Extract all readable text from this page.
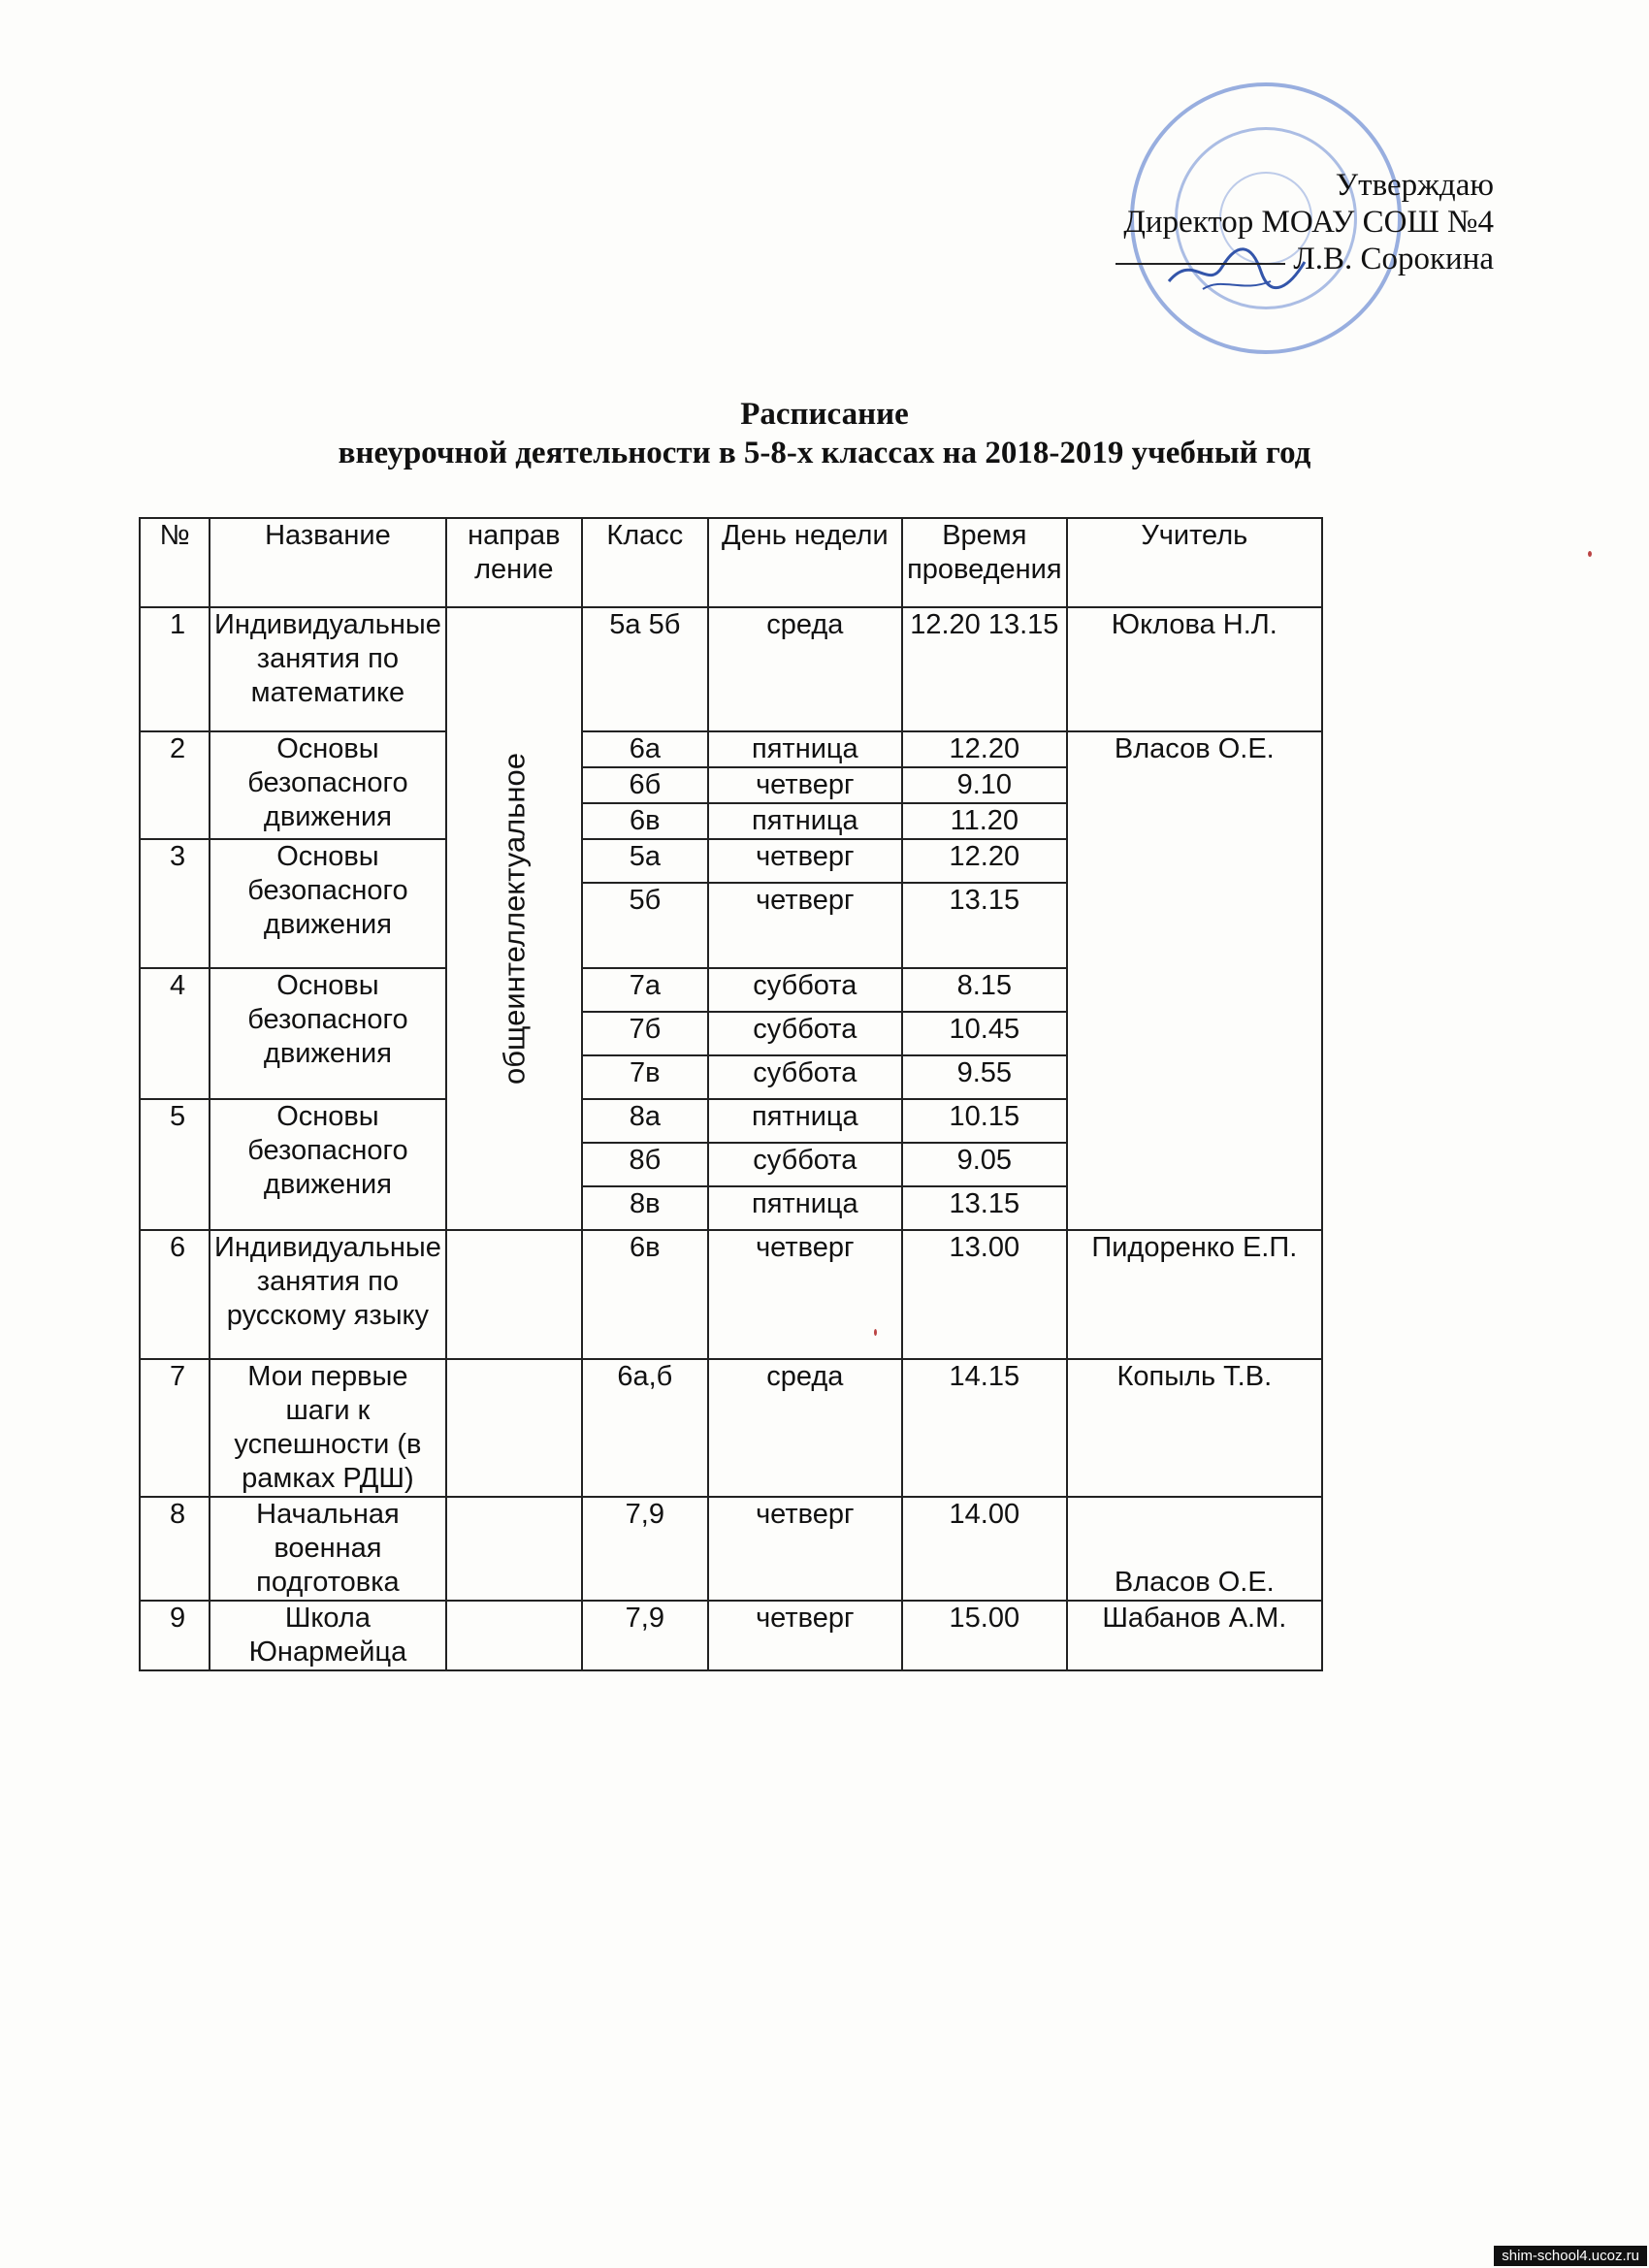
Утверждаю
Директор МОАУ СОШ №4
Л.В. Сорокина
Расписание
внеурочной деятельности в 5-8-х классах на 2018-2019 учебный год
№	Название	направ ление	Класс	День недели	Время проведения	Учитель
1	Индивидуальные занятия по математике	общеинтеллектуальное	5а 5б	среда	12.20 13.15	Юклова Н.Л.
2	Основы безопасного движения		6а	пятница	12.20	Власов О.Е.
			6б	четверг	9.10	
			6в	пятница	11.20	
3	Основы безопасного движения		5а	четверг	12.20	
			5б	четверг	13.15	
4	Основы безопасного движения		7а	суббота	8.15	
			7б	суббота	10.45	
			7в	суббота	9.55	
5	Основы безопасного движения		8а	пятница	10.15	
			8б	суббота	9.05	
			8в	пятница	13.15	
6	Индивидуальные занятия по русскому языку		6в	четверг	13.00	Пидоренко Е.П.
7	Мои первые шаги к успешности (в рамках РДШ)		6а,б	среда	14.15	Копыль Т.В.
8	Начальная военная подготовка		7,9	четверг	14.00	Власов О.Е.
9	Школа Юнармейца		7,9	четверг	15.00	Шабанов А.М.
shim-school4.ucoz.ru
